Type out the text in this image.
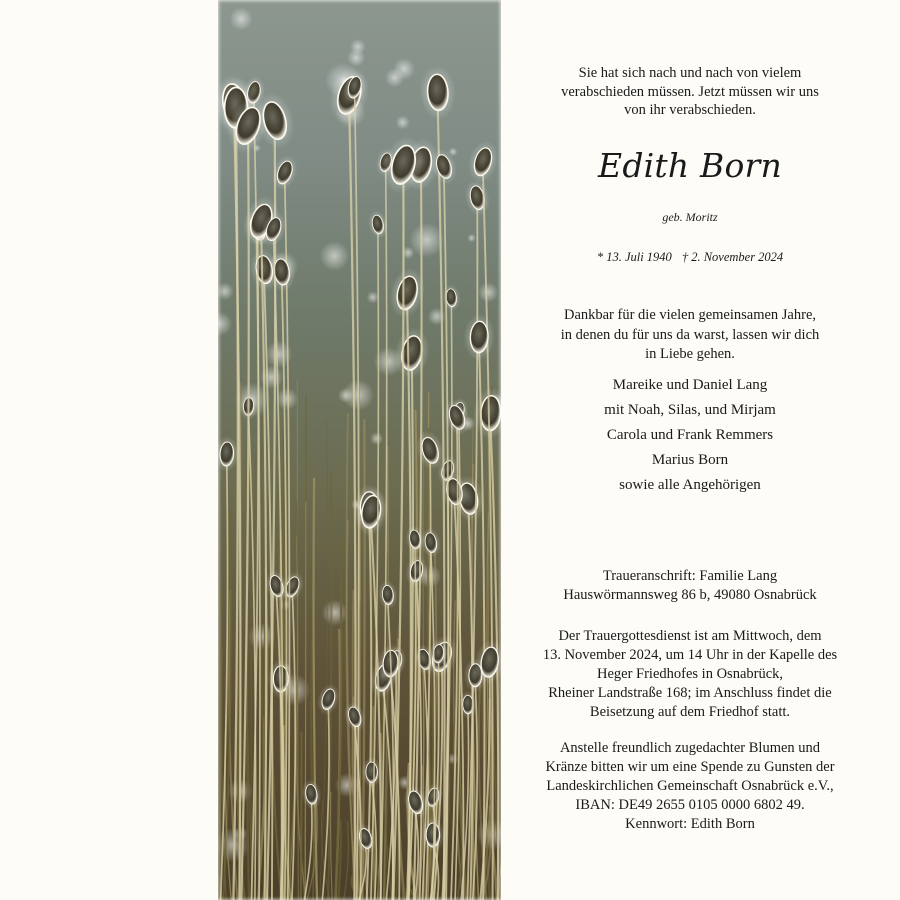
Sie hat sich nach und nach von vielem
verabschieden müssen. Jetzt müssen wir uns
von ihr verabschieden.
Edith Born
geb. Moritz
* 13. Juli 1940 † 2. November 2024
Dankbar für die vielen gemeinsamen Jahre,
in denen du für uns da warst, lassen wir dich
in Liebe gehen.
Mareike und Daniel Lang
mit Noah, Silas, und Mirjam
Carola und Frank Remmers
Marius Born
sowie alle Angehörigen
Traueranschrift: Familie Lang
Hauswörmannsweg 86 b, 49080 Osnabrück
Der Trauergottesdienst ist am Mittwoch, dem
13. November 2024, um 14 Uhr in der Kapelle des
Heger Friedhofes in Osnabrück,
Rheiner Landstraße 168; im Anschluss findet die
Beisetzung auf dem Friedhof statt.
Anstelle freundlich zugedachter Blumen und
Kränze bitten wir um eine Spende zu Gunsten der
Landeskirchlichen Gemeinschaft Osnabrück e.V.,
IBAN: DE49 2655 0105 0000 6802 49.
Kennwort: Edith Born
